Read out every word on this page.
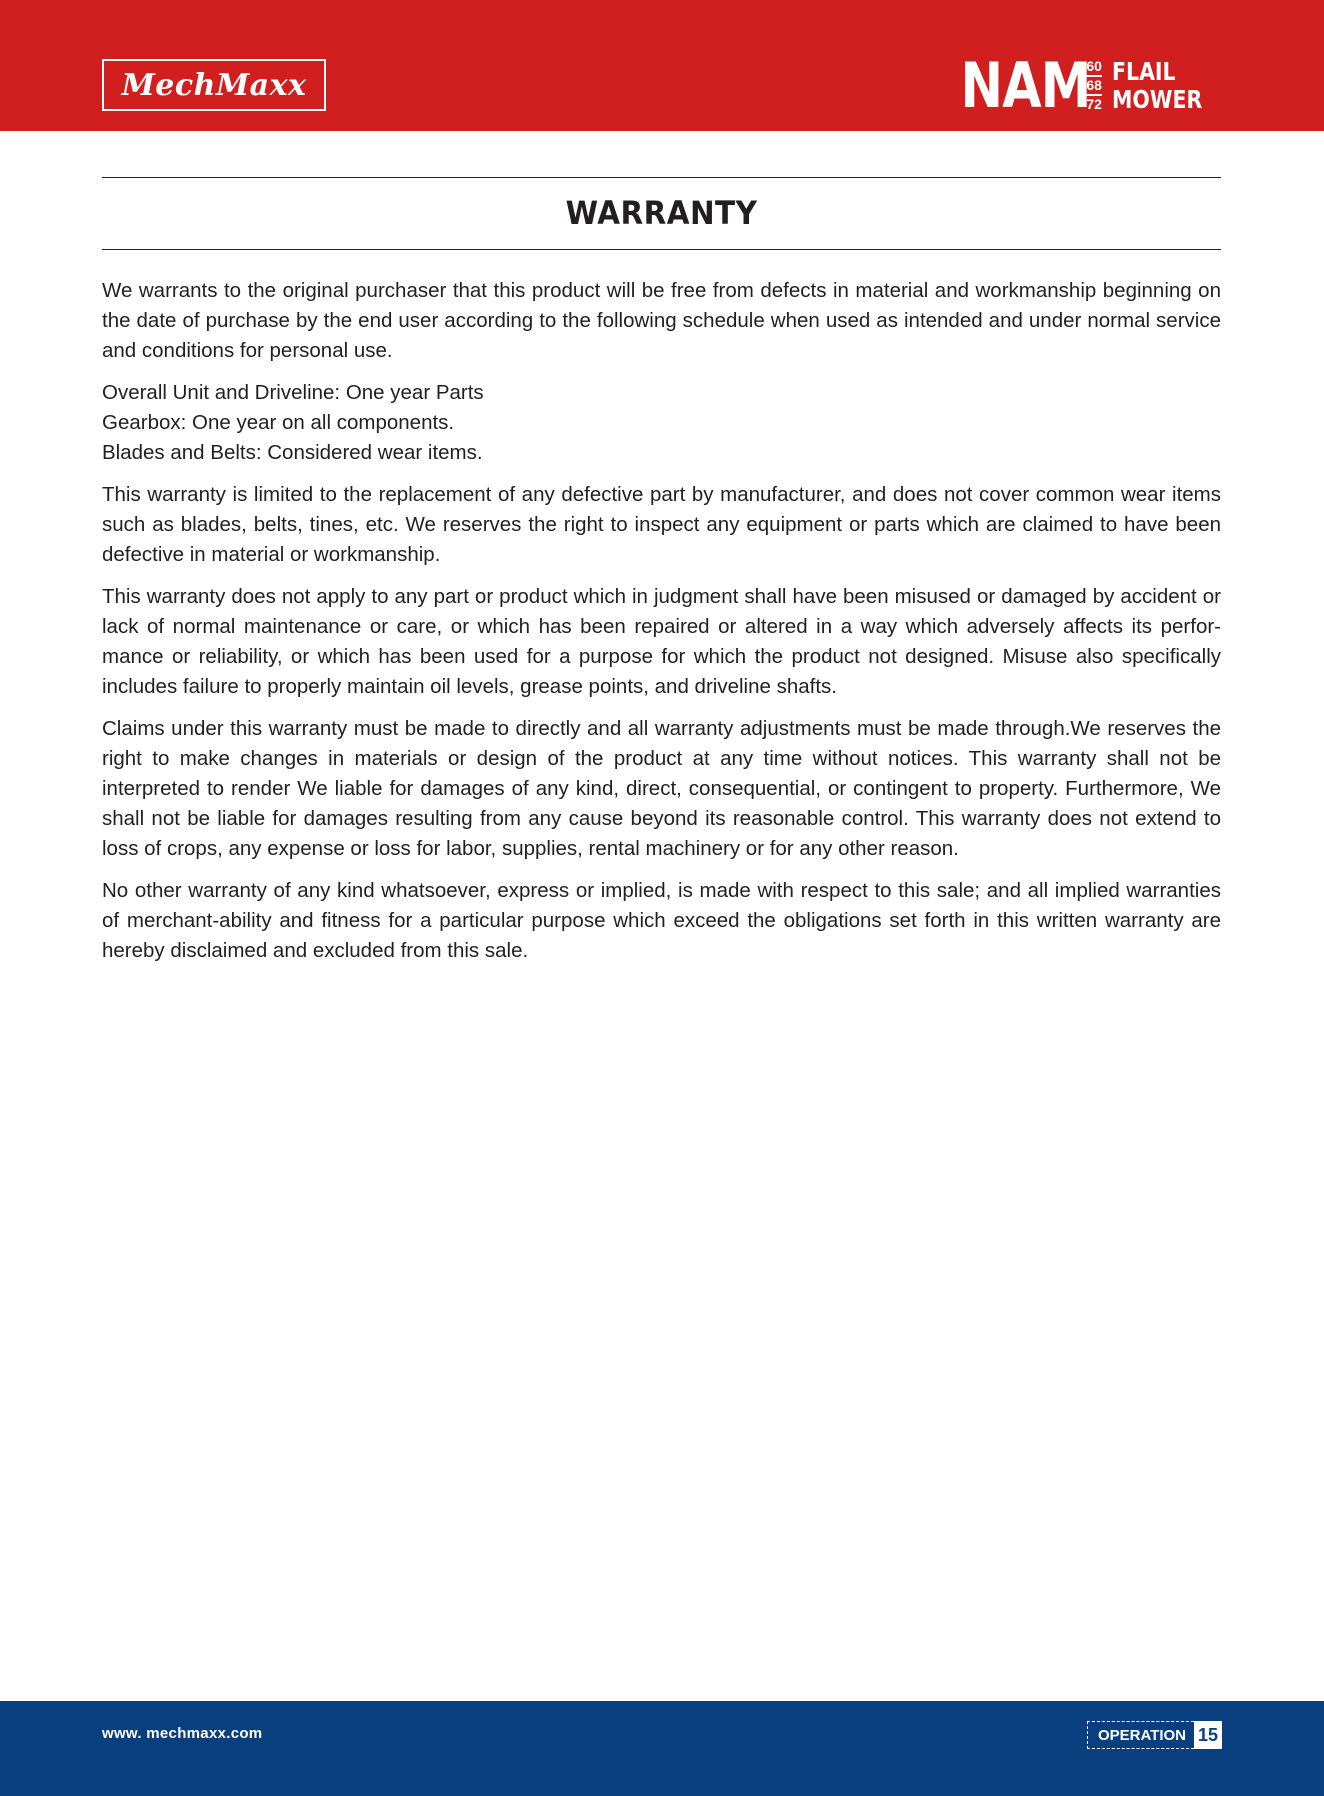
MechMaxx	NAM
60
68
72
FLAIL
MOWER
WARRANTY

We warrants to the original purchaser that this product will be free from defects in material and workmanship beginning on the date of purchase by the end user according to the following schedule when used as intended and under normal service and conditions for personal use.

Overall Unit and Driveline: One year Parts
Gearbox: One year on all components.
Blades and Belts: Considered wear items.

This warranty is limited to the replacement of any defective part by manufacturer, and does not cover common wear items such as blades, belts, tines, etc. We reserves the right to inspect any equipment or parts which are claimed to have been defective in material or workmanship.

This warranty does not apply to any part or product which in judgment shall have been misused or damaged by accident or lack of normal maintenance or care, or which has been repaired or altered in a way which adversely affects its perfor-mance or reliability, or which has been used for a purpose for which the product not designed. Misuse also specifically includes failure to properly maintain oil levels, grease points, and driveline shafts.

Claims under this warranty must be made to directly and all warranty adjustments must be made through.We reserves the right to make changes in materials or design of the product at any time without notices. This warranty shall not be interpreted to render We liable for damages of any kind, direct, consequential, or contingent to property. Furthermore, We shall not be liable for damages resulting from any cause beyond its reasonable control. This warranty does not extend to loss of crops, any expense or loss for labor, supplies, rental machinery or for any other reason.

No other warranty of any kind whatsoever, express or implied, is made with respect to this sale; and all implied warranties of merchant-ability and fitness for a particular purpose which exceed the obligations set forth in this written warranty are hereby disclaimed and excluded from this sale.

www. mechmaxx.com	OPERATION 15
